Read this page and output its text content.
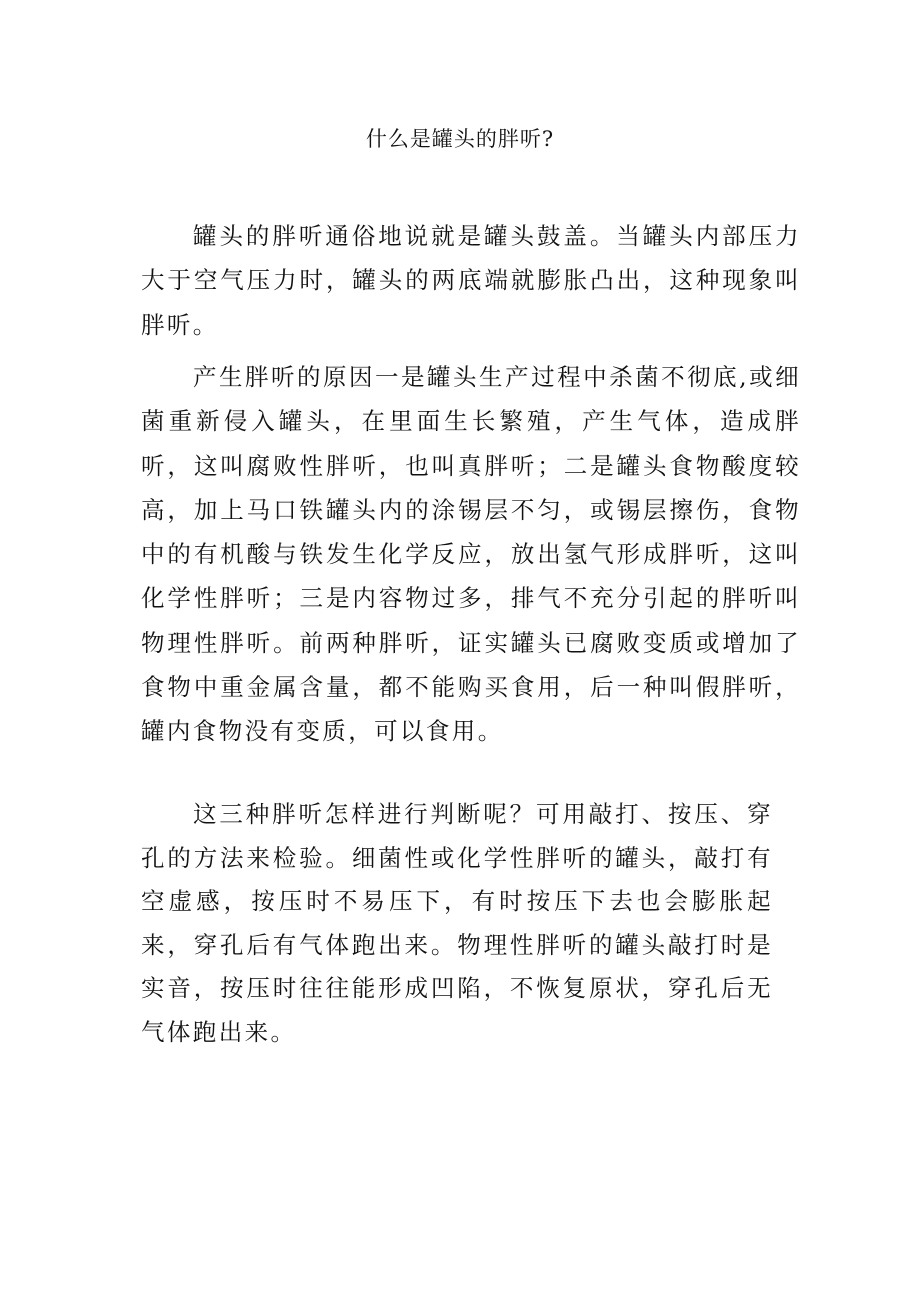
什么是罐头的胖听?

罐头的胖听通俗地说就是罐头鼓盖。当罐头内部压力大于空气压力时，罐头的两底端就膨胀凸出，这种现象叫胖听。

产生胖听的原因一是罐头生产过程中杀菌不彻底,或细菌重新侵入罐头，在里面生长繁殖，产生气体，造成胖听，这叫腐败性胖听，也叫真胖听；二是罐头食物酸度较高，加上马口铁罐头内的涂锡层不匀，或锡层擦伤，食物中的有机酸与铁发生化学反应，放出氢气形成胖听，这叫化学性胖听；三是内容物过多，排气不充分引起的胖听叫物理性胖听。前两种胖听，证实罐头已腐败变质或增加了食物中重金属含量，都不能购买食用，后一种叫假胖听，罐内食物没有变质，可以食用。

这三种胖听怎样进行判断呢？可用敲打、按压、穿孔的方法来检验。细菌性或化学性胖听的罐头，敲打有空虚感，按压时不易压下，有时按压下去也会膨胀起来，穿孔后有气体跑出来。物理性胖听的罐头敲打时是实音，按压时往往能形成凹陷，不恢复原状，穿孔后无气体跑出来。
